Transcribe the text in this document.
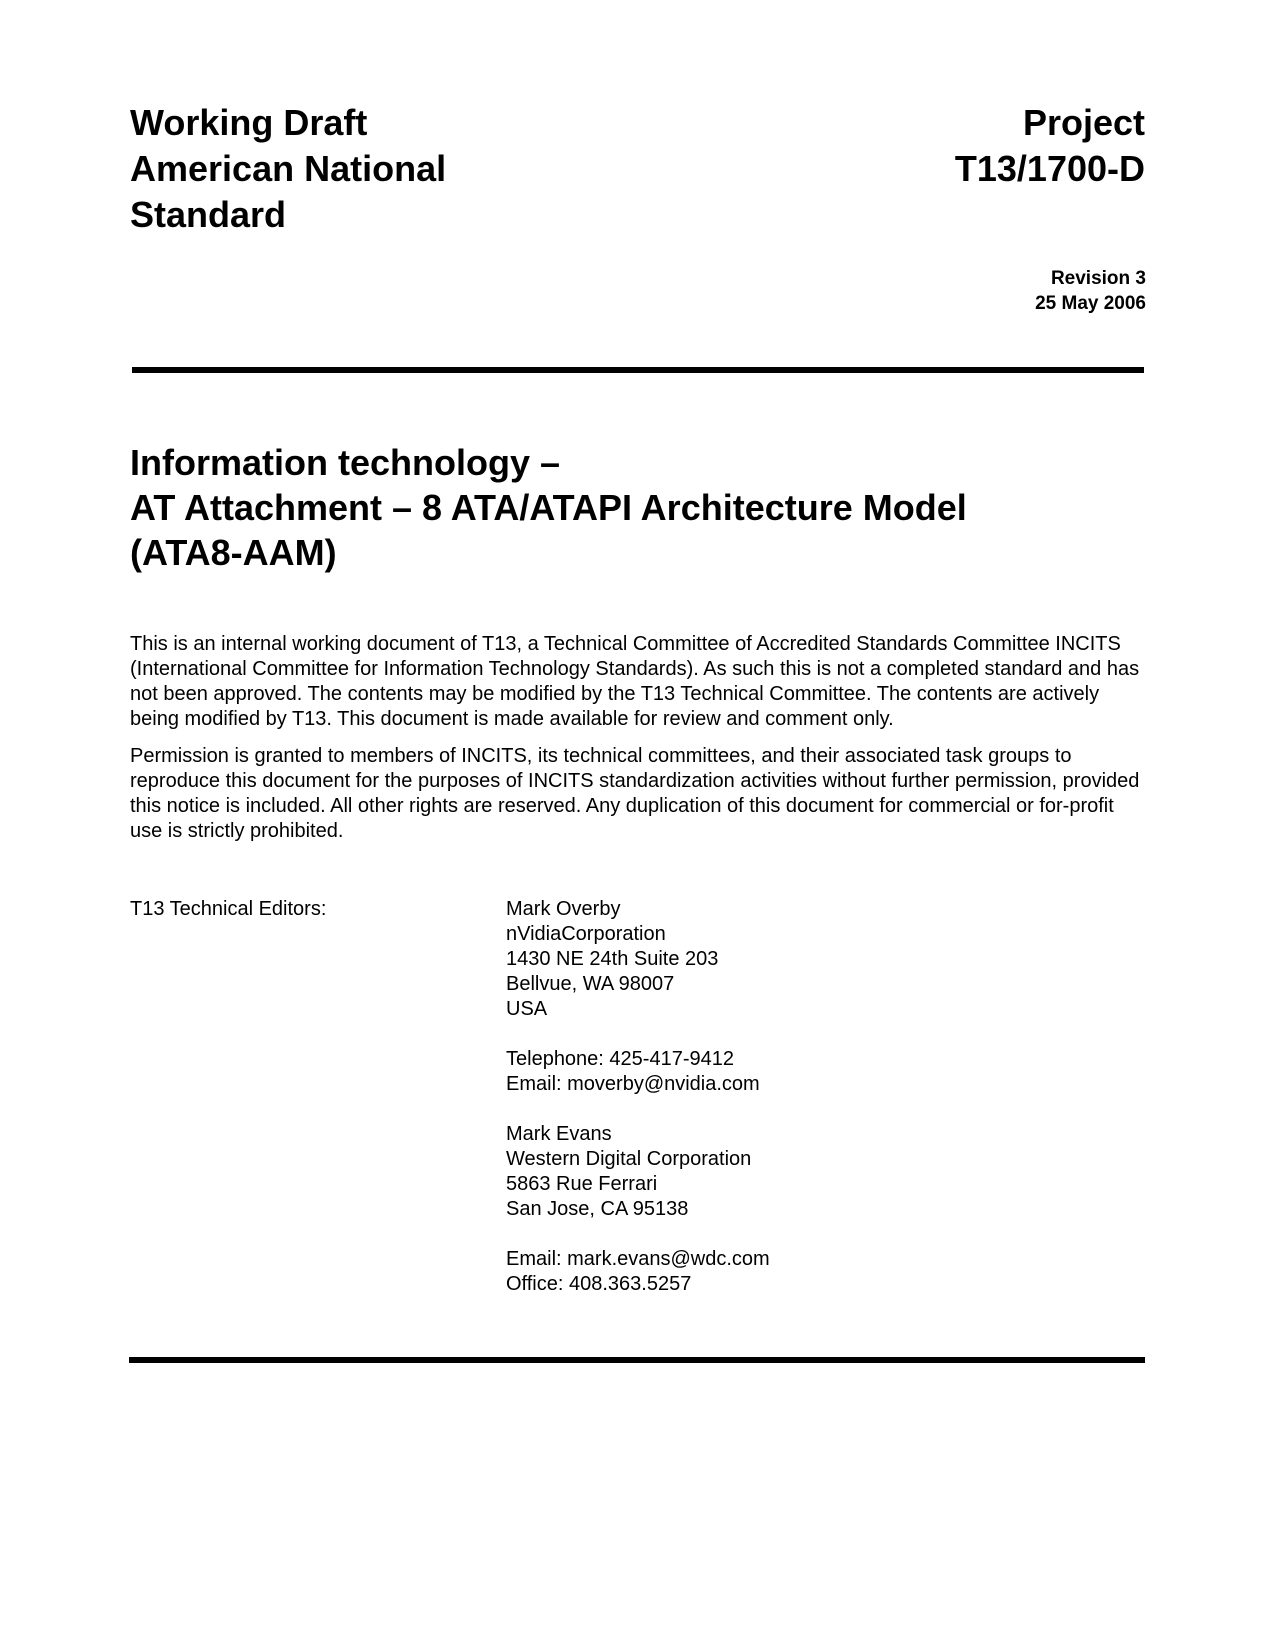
Working Draft
American National
Standard
Project
T13/1700-D
Revision 3
25 May 2006
Information technology –
AT Attachment – 8 ATA/ATAPI Architecture Model
(ATA8-AAM)

This is an internal working document of T13, a Technical Committee of Accredited Standards Committee INCITS (International Committee for Information Technology Standards). As such this is not a completed standard and has not been approved. The contents may be modified by the T13 Technical Committee. The contents are actively being modified by T13. This document is made available for review and comment only.

Permission is granted to members of INCITS, its technical committees, and their associated task groups to reproduce this document for the purposes of INCITS standardization activities without further permission, provided this notice is included. All other rights are reserved. Any duplication of this document for commercial or for-profit use is strictly prohibited.

T13 Technical Editors:	Mark Overby
nVidiaCorporation
1430 NE 24th Suite 203
Bellvue, WA 98007
USA
Telephone: 425-417-9412
Email: moverby@nvidia.com
Mark Evans
Western Digital Corporation
5863 Rue Ferrari
San Jose, CA 95138
Email: mark.evans@wdc.com
Office: 408.363.5257
